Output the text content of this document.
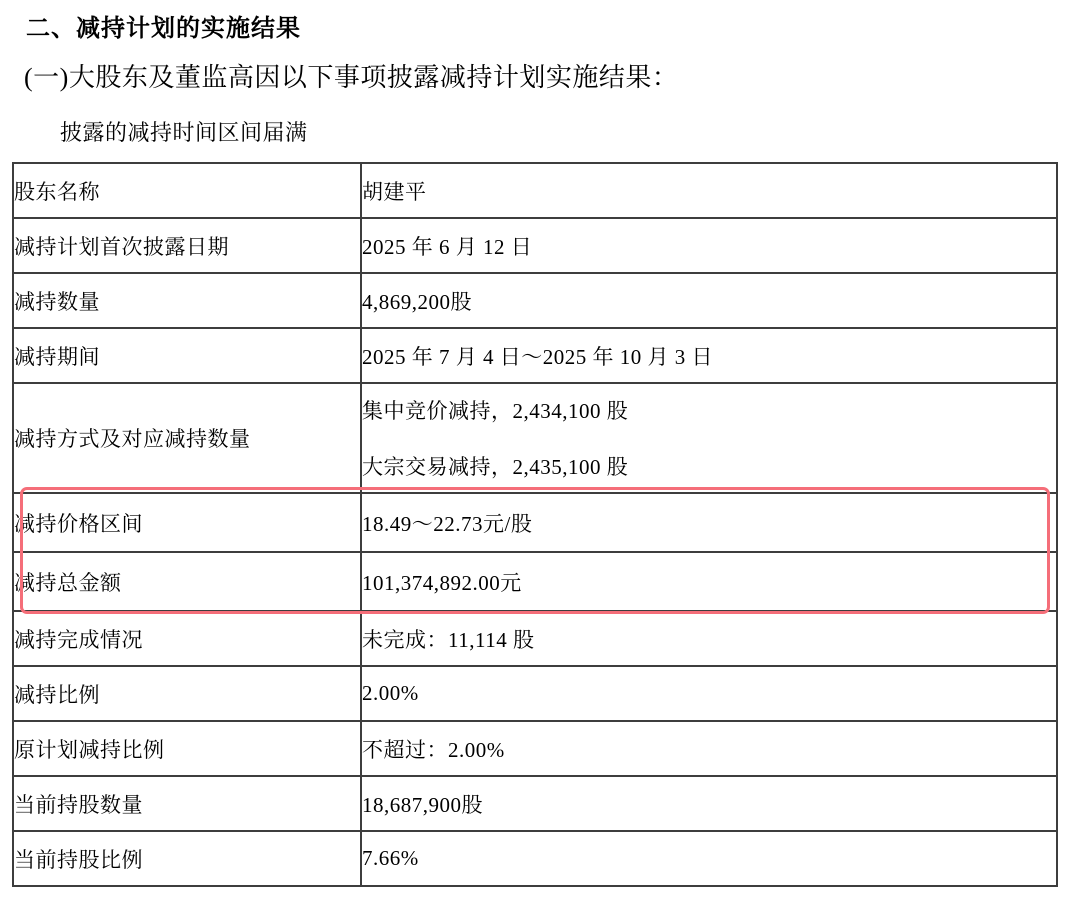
二、减持计划的实施结果
(一)大股东及董监高因以下事项披露减持计划实施结果：
披露的减持时间区间届满
股东名称	胡建平
减持计划首次披露日期	2025 年 6 月 12 日
减持数量	4,869,200股
减持期间	2025 年 7 月 4 日～2025 年 10 月 3 日
减持方式及对应减持数量	集中竞价减持，2,434,100 股
大宗交易减持，2,435,100 股

减持价格区间	18.49～22.73元/股
减持总金额	101,374,892.00元
减持完成情况	未完成：11,114 股
减持比例	2.00%
原计划减持比例	不超过：2.00%
当前持股数量	18,687,900股
当前持股比例	7.66%
